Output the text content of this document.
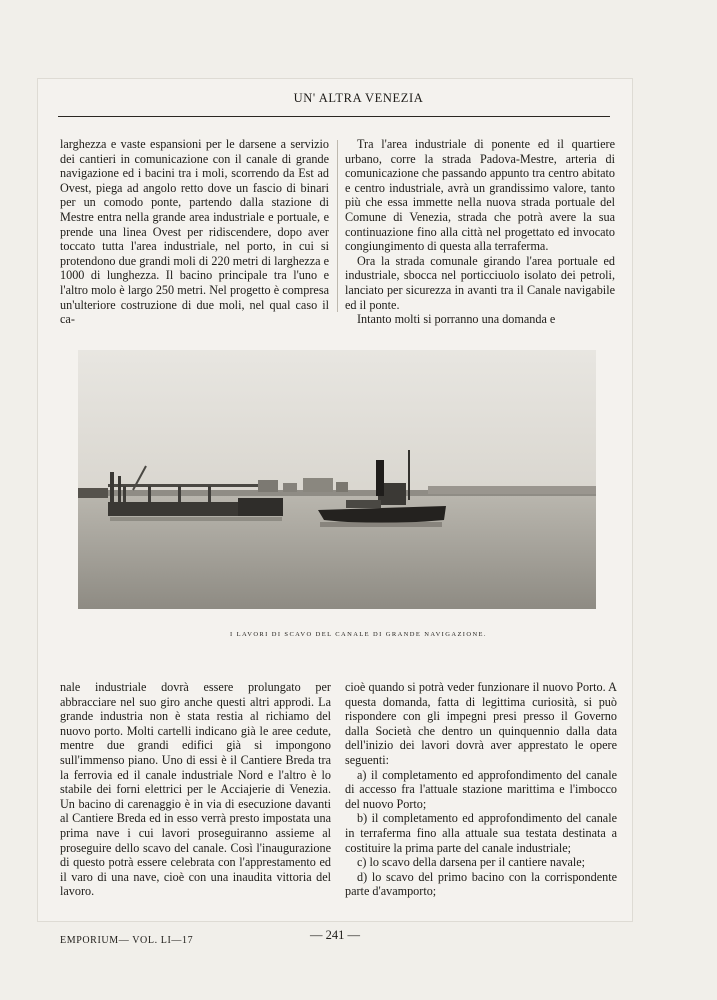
UN' ALTRA VENEZIA

larghezza e vaste espansioni per le darsene a servizio dei cantieri in comunicazione con il canale di grande navigazione ed i bacini tra i moli, scorrendo da Est ad Ovest, piega ad angolo retto dove un fascio di binari per un comodo ponte, partendo dalla stazione di Mestre entra nella grande area industriale e portuale, e prende una linea Ovest per ridiscendere, dopo aver toccato tutta l'area industriale, nel porto, in cui si protendono due grandi moli di 220 metri di larghezza e 1000 di lunghezza. Il bacino principale tra l'uno e l'altro molo è largo 250 metri. Nel progetto è compresa un'ulteriore costruzione di due moli, nel qual caso il ca-

Tra l'area industriale di ponente ed il quartiere urbano, corre la strada Padova-Mestre, arteria di comunicazione che passando appunto tra centro abitato e centro industriale, avrà un grandissimo valore, tanto più che essa immette nella nuova strada portuale del Comune di Venezia, strada che potrà avere la sua continuazione fino alla città nel progettato ed invocato congiungimento di questa alla terraferma.

Ora la strada comunale girando l'area portuale ed industriale, sbocca nel porticciuolo isolato dei petroli, lanciato per sicurezza in avanti tra il Canale navigabile ed il ponte.

Intanto molti si porranno una domanda e

I LAVORI DI SCAVO DEL CANALE DI GRANDE NAVIGAZIONE.

nale industriale dovrà essere prolungato per abbracciare nel suo giro anche questi altri approdi. La grande industria non è stata restia al richiamo del nuovo porto. Molti cartelli indicano già le aree cedute, mentre due grandi edifici già si impongono sull'immenso piano. Uno di essi è il Cantiere Breda tra la ferrovia ed il canale industriale Nord e l'altro è lo stabile dei forni elettrici per le Acciajerie di Venezia. Un bacino di carenaggio è in via di esecuzione davanti al Cantiere Breda ed in esso verrà presto impostata una prima nave i cui lavori proseguiranno assieme al proseguire dello scavo del canale. Così l'inaugurazione di questo potrà essere celebrata con l'apprestamento ed il varo di una nave, cioè con una inaudita vittoria del lavoro.

cioè quando si potrà veder funzionare il nuovo Porto. A questa domanda, fatta di legittima curiosità, si può rispondere con gli impegni presi presso il Governo dalla Società che dentro un quinquennio dalla data dell'inizio dei lavori dovrà aver apprestato le opere seguenti:

a) il completamento ed approfondimento del canale di accesso fra l'attuale stazione marittima e l'imbocco del nuovo Porto;

b) il completamento ed approfondimento del canale in terraferma fino alla attuale sua testata destinata a costituire la prima parte del canale industriale;

c) lo scavo della darsena per il cantiere navale;

d) lo scavo del primo bacino con la corrispondente parte d'avamporto;

EMPORIUM— VOL. LI—17	— 241 —
